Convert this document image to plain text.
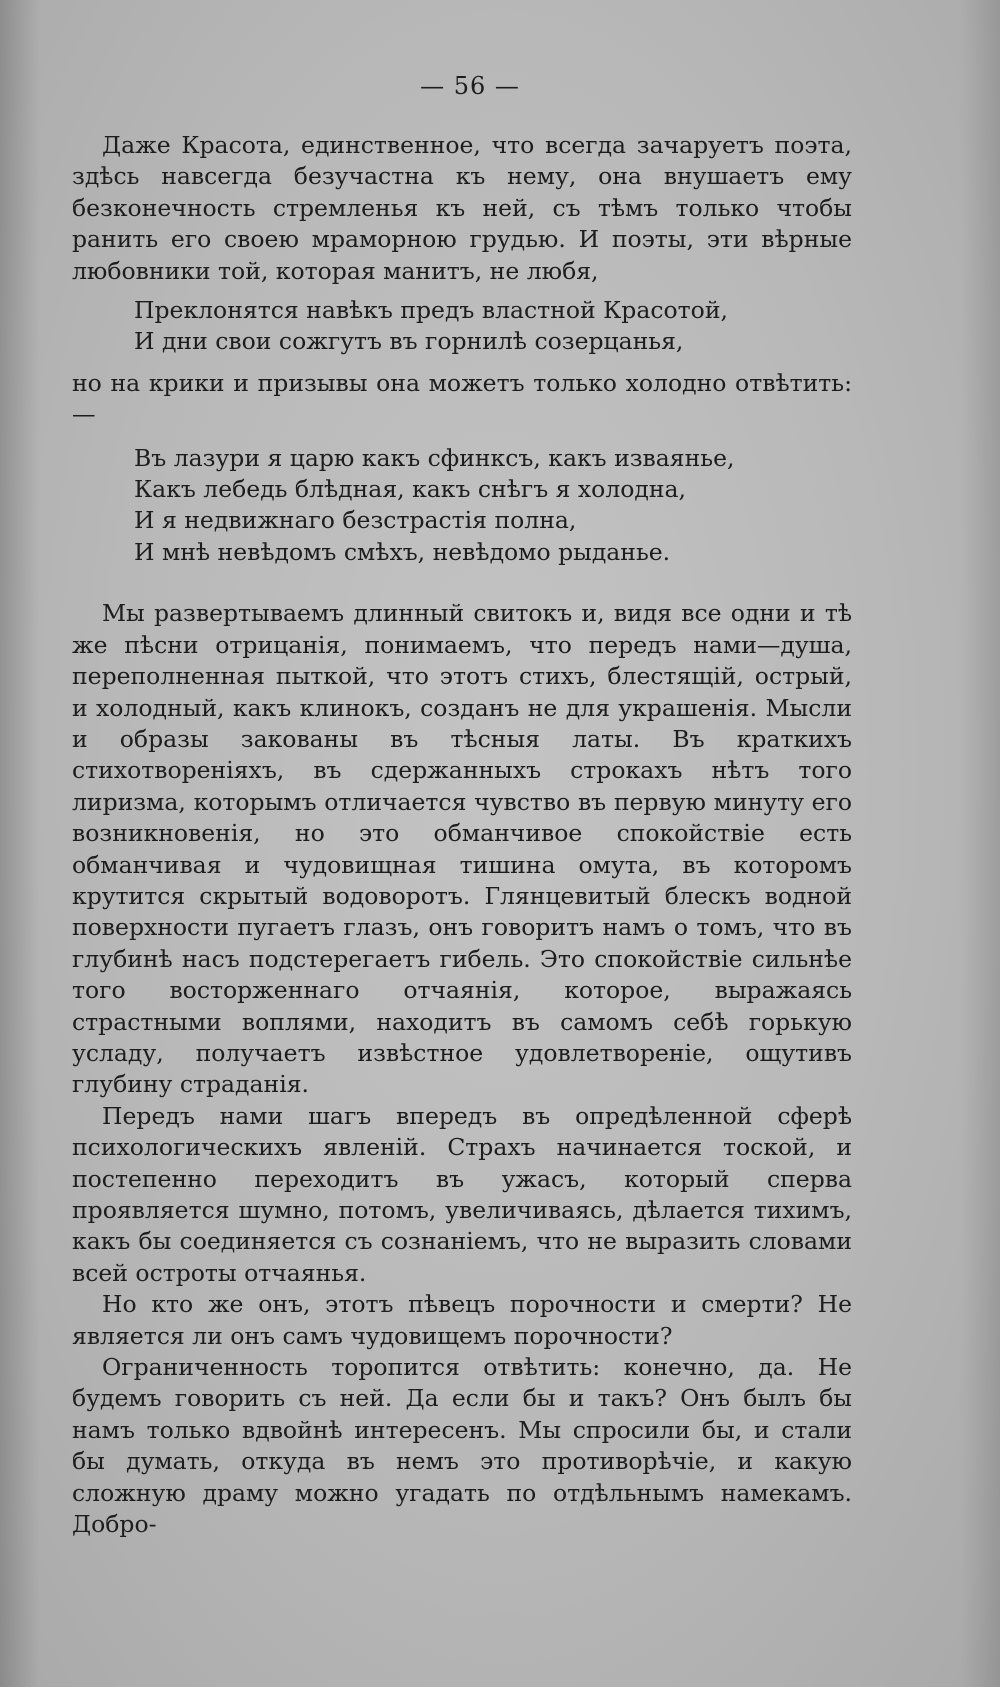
— 56 —

Даже Красота, единственное, что всегда зачаруетъ поэта, здѣсь навсегда безучастна къ нему, она внушаетъ ему безконечность стремленья къ ней, съ тѣмъ только чтобы ранить его своею мраморною грудью. И поэты, эти вѣрные любовники той, которая манитъ, не любя,

Преклонятся навѣкъ предъ властной Красотой,
И дни свои сожгутъ въ горнилѣ созерцанья,

но на крики и призывы она можетъ только холодно отвѣтить:—

Въ лазури я царю какъ сфинксъ, какъ изваянье,
Какъ лебедь блѣдная, какъ снѣгъ я холодна,
И я недвижнаго безстрастія полна,
И мнѣ невѣдомъ смѣхъ, невѣдомо рыданье.

Мы развертываемъ длинный свитокъ и, видя все одни и тѣ же пѣсни отрицанія, понимаемъ, что передъ нами—душа, переполненная пыткой, что этотъ стихъ, блестящій, острый, и холодный, какъ клинокъ, созданъ не для украшенія. Мысли и образы закованы въ тѣсныя латы. Въ краткихъ стихотвореніяхъ, въ сдержанныхъ строкахъ нѣтъ того лиризма, которымъ отличается чувство въ первую минуту его возникновенія, но это обманчивое спокойствіе есть обманчивая и чудовищная тишина омута, въ которомъ крутится скрытый водоворотъ. Глянцевитый блескъ водной поверхности пугаетъ глазъ, онъ говоритъ намъ о томъ, что въ глубинѣ насъ подстерегаетъ гибель. Это спокойствіе сильнѣе того восторженнаго отчаянія, которое, выражаясь страстными воплями, находитъ въ самомъ себѣ горькую усладу, получаетъ извѣстное удовлетвореніе, ощутивъ глубину страданія.

Передъ нами шагъ впередъ въ опредѣленной сферѣ психологическихъ явленій. Страхъ начинается тоской, и постепенно переходитъ въ ужасъ, который сперва проявляется шумно, потомъ, увеличиваясь, дѣлается тихимъ, какъ бы соединяется съ сознаніемъ, что не выразить словами всей остроты отчаянья.

Но кто же онъ, этотъ пѣвецъ порочности и смерти? Не является ли онъ самъ чудовищемъ порочности?

Ограниченность торопится отвѣтить: конечно, да. Не будемъ говорить съ ней. Да если бы и такъ? Онъ былъ бы намъ только вдвойнѣ интересенъ. Мы спросили бы, и стали бы думать, откуда въ немъ это противорѣчіе, и какую сложную драму можно угадать по отдѣльнымъ намекамъ. Добро-
